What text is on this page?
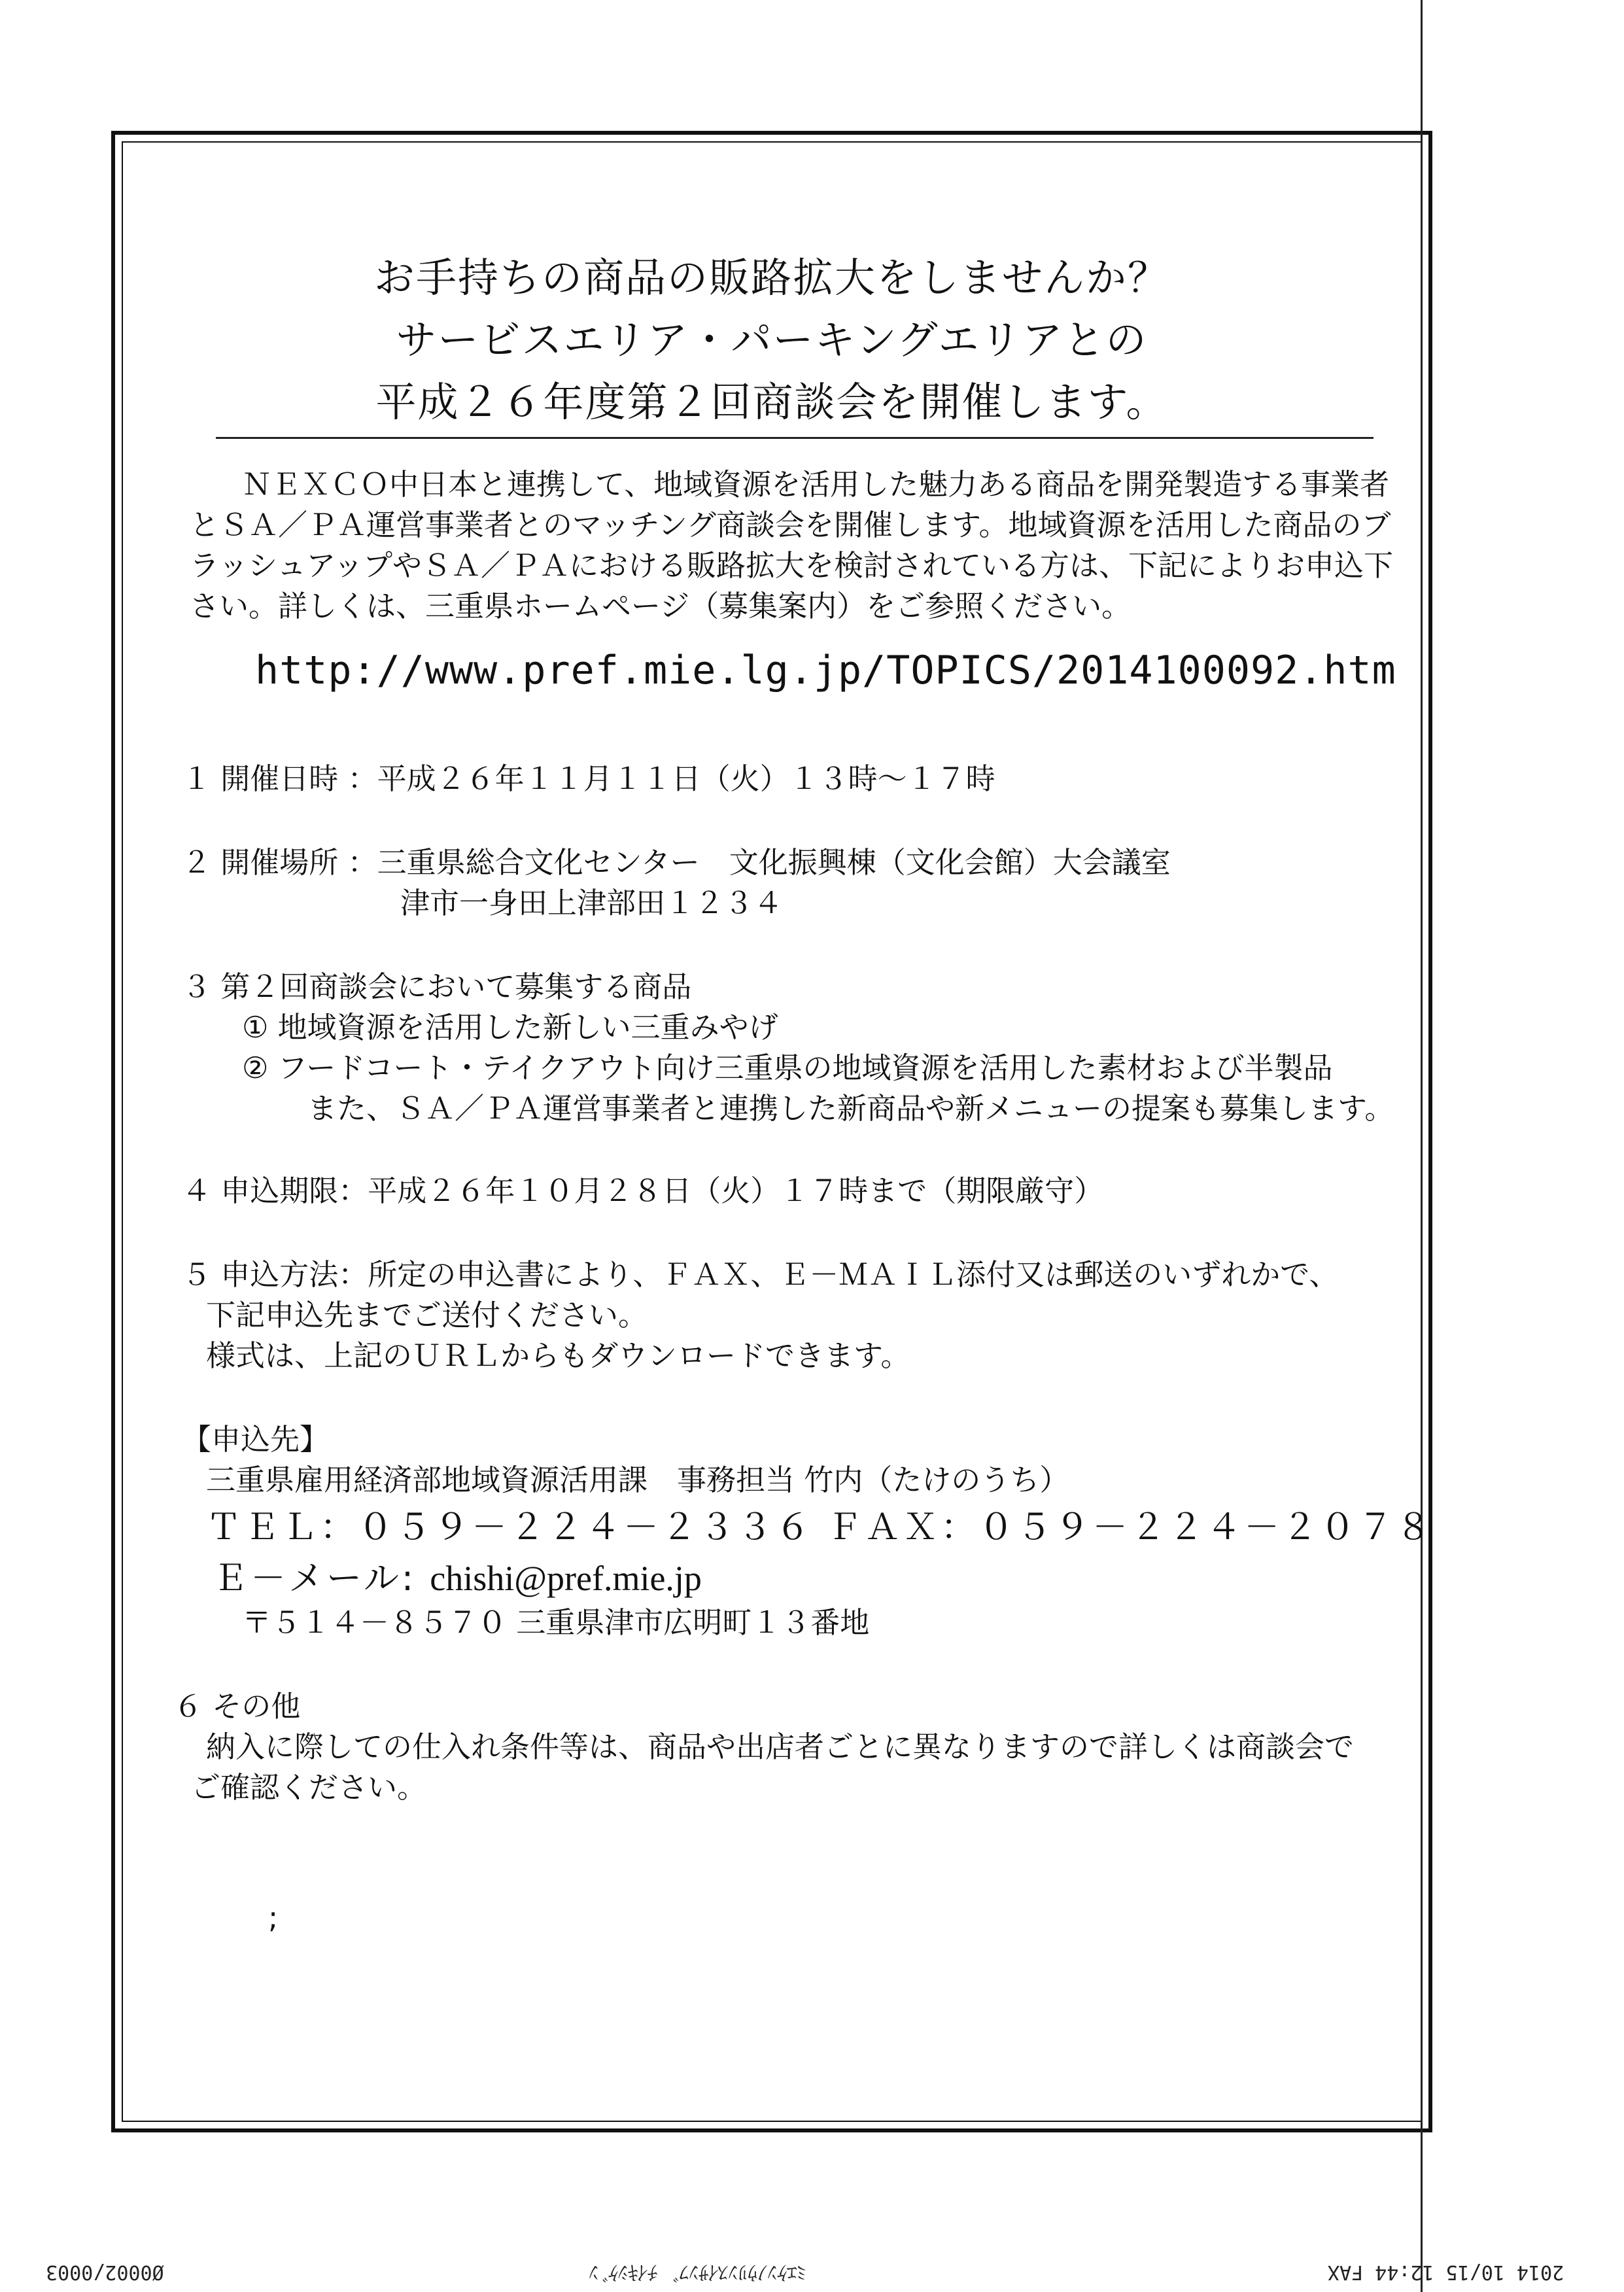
お手持ちの商品の販路拡大をしませんか？
サービスエリア・パーキングエリアとの
平成２６年度第２回商談会を開催します。
ＮＥＸＣＯ中日本と連携して、地域資源を活用した魅力ある商品を開発製造する事業者
とＳＡ／ＰＡ運営事業者とのマッチング商談会を開催します。地域資源を活用した商品のブ
ラッシュアップやＳＡ／ＰＡにおける販路拡大を検討されている方は、下記によりお申込下
さい。詳しくは、三重県ホームページ（募集案内）をご参照ください。
http://www.pref.mie.lg.jp/TOPICS/2014100092.htm
１ 開催日時 ：平成２６年１１月１１日（火）１３時～１７時
２ 開催場所 ：三重県総合文化センター　文化振興棟（文化会館）大会議室
津市一身田上津部田１２３４
３ 第２回商談会において募集する商品
① 地域資源を活用した新しい三重みやげ
② フードコート・テイクアウト向け三重県の地域資源を活用した素材および半製品
また、ＳＡ／ＰＡ運営事業者と連携した新商品や新メニューの提案も募集します。
４ 申込期限：平成２６年１０月２８日（火）１７時まで（期限厳守）
５ 申込方法：所定の申込書により、ＦＡＸ、Ｅ－ＭＡＩＬ添付又は郵送のいずれかで、
下記申込先までご送付ください。
様式は、上記のＵＲＬからもダウンロードできます。
【申込先】
三重県雇用経済部地域資源活用課　事務担当 竹内（たけのうち）
ＴＥＬ：０５９－２２４－２３３６ ＦＡＸ：０５９－２２４－２０７８
Ｅ－メール: chishi@pref.mie.jp
〒５１４－８５７０ 三重県津市広明町１３番地
６ その他
納入に際しての仕入れ条件等は、商品や出店者ごとに異なりますので詳しくは商談会で
ご確認ください。
;
2014 10/15 12:44 FAX
ﾐｴｹﾝﾉｳﾘﾝｽｲｻﾝﾌﾞ ﾁｲｷｼｹﾞﾝ
Ø0002/0003
